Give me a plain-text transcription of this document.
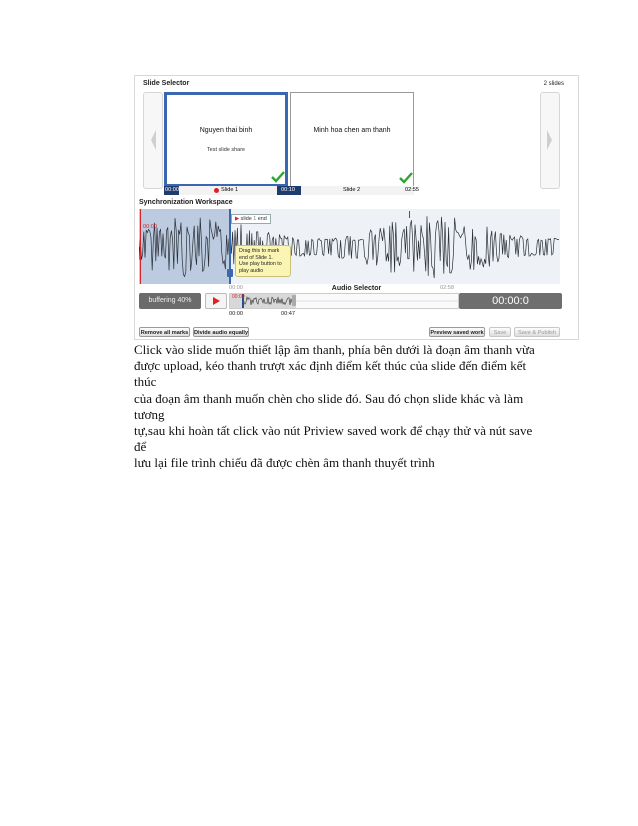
Slide Selector	2 slides
Nguyen thai binh
Test slide share
Minh hoa chen am thanh
00:00	Slide 1	00:10	Slide 2	02:55
Synchronization Workspace
00:00
▶ slide 1 end
Drag this to mark
end of Slide 1.
Use play button to
play audio
00:00	Audio Selector	02:58
buffering 40%	00:00
00:00	00:47
00:00:0
Remove all marks	Divide audio equally	Preview saved work	Save	Save & Publish
Click vào slide muốn thiết lập âm thanh, phía bên dưới là đoạn âm thanh vừa
được upload, kéo thanh trượt xác định điểm kết thúc của slide đến điểm kết thúc
của đoạn âm thanh muốn chèn cho slide đó. Sau đó chọn slide khác và làm tương
tự,sau khi hoàn tất click vào nút Priview saved work để chạy thử và nút save để
lưu lại file trình chiếu đã được chèn âm thanh thuyết trình
